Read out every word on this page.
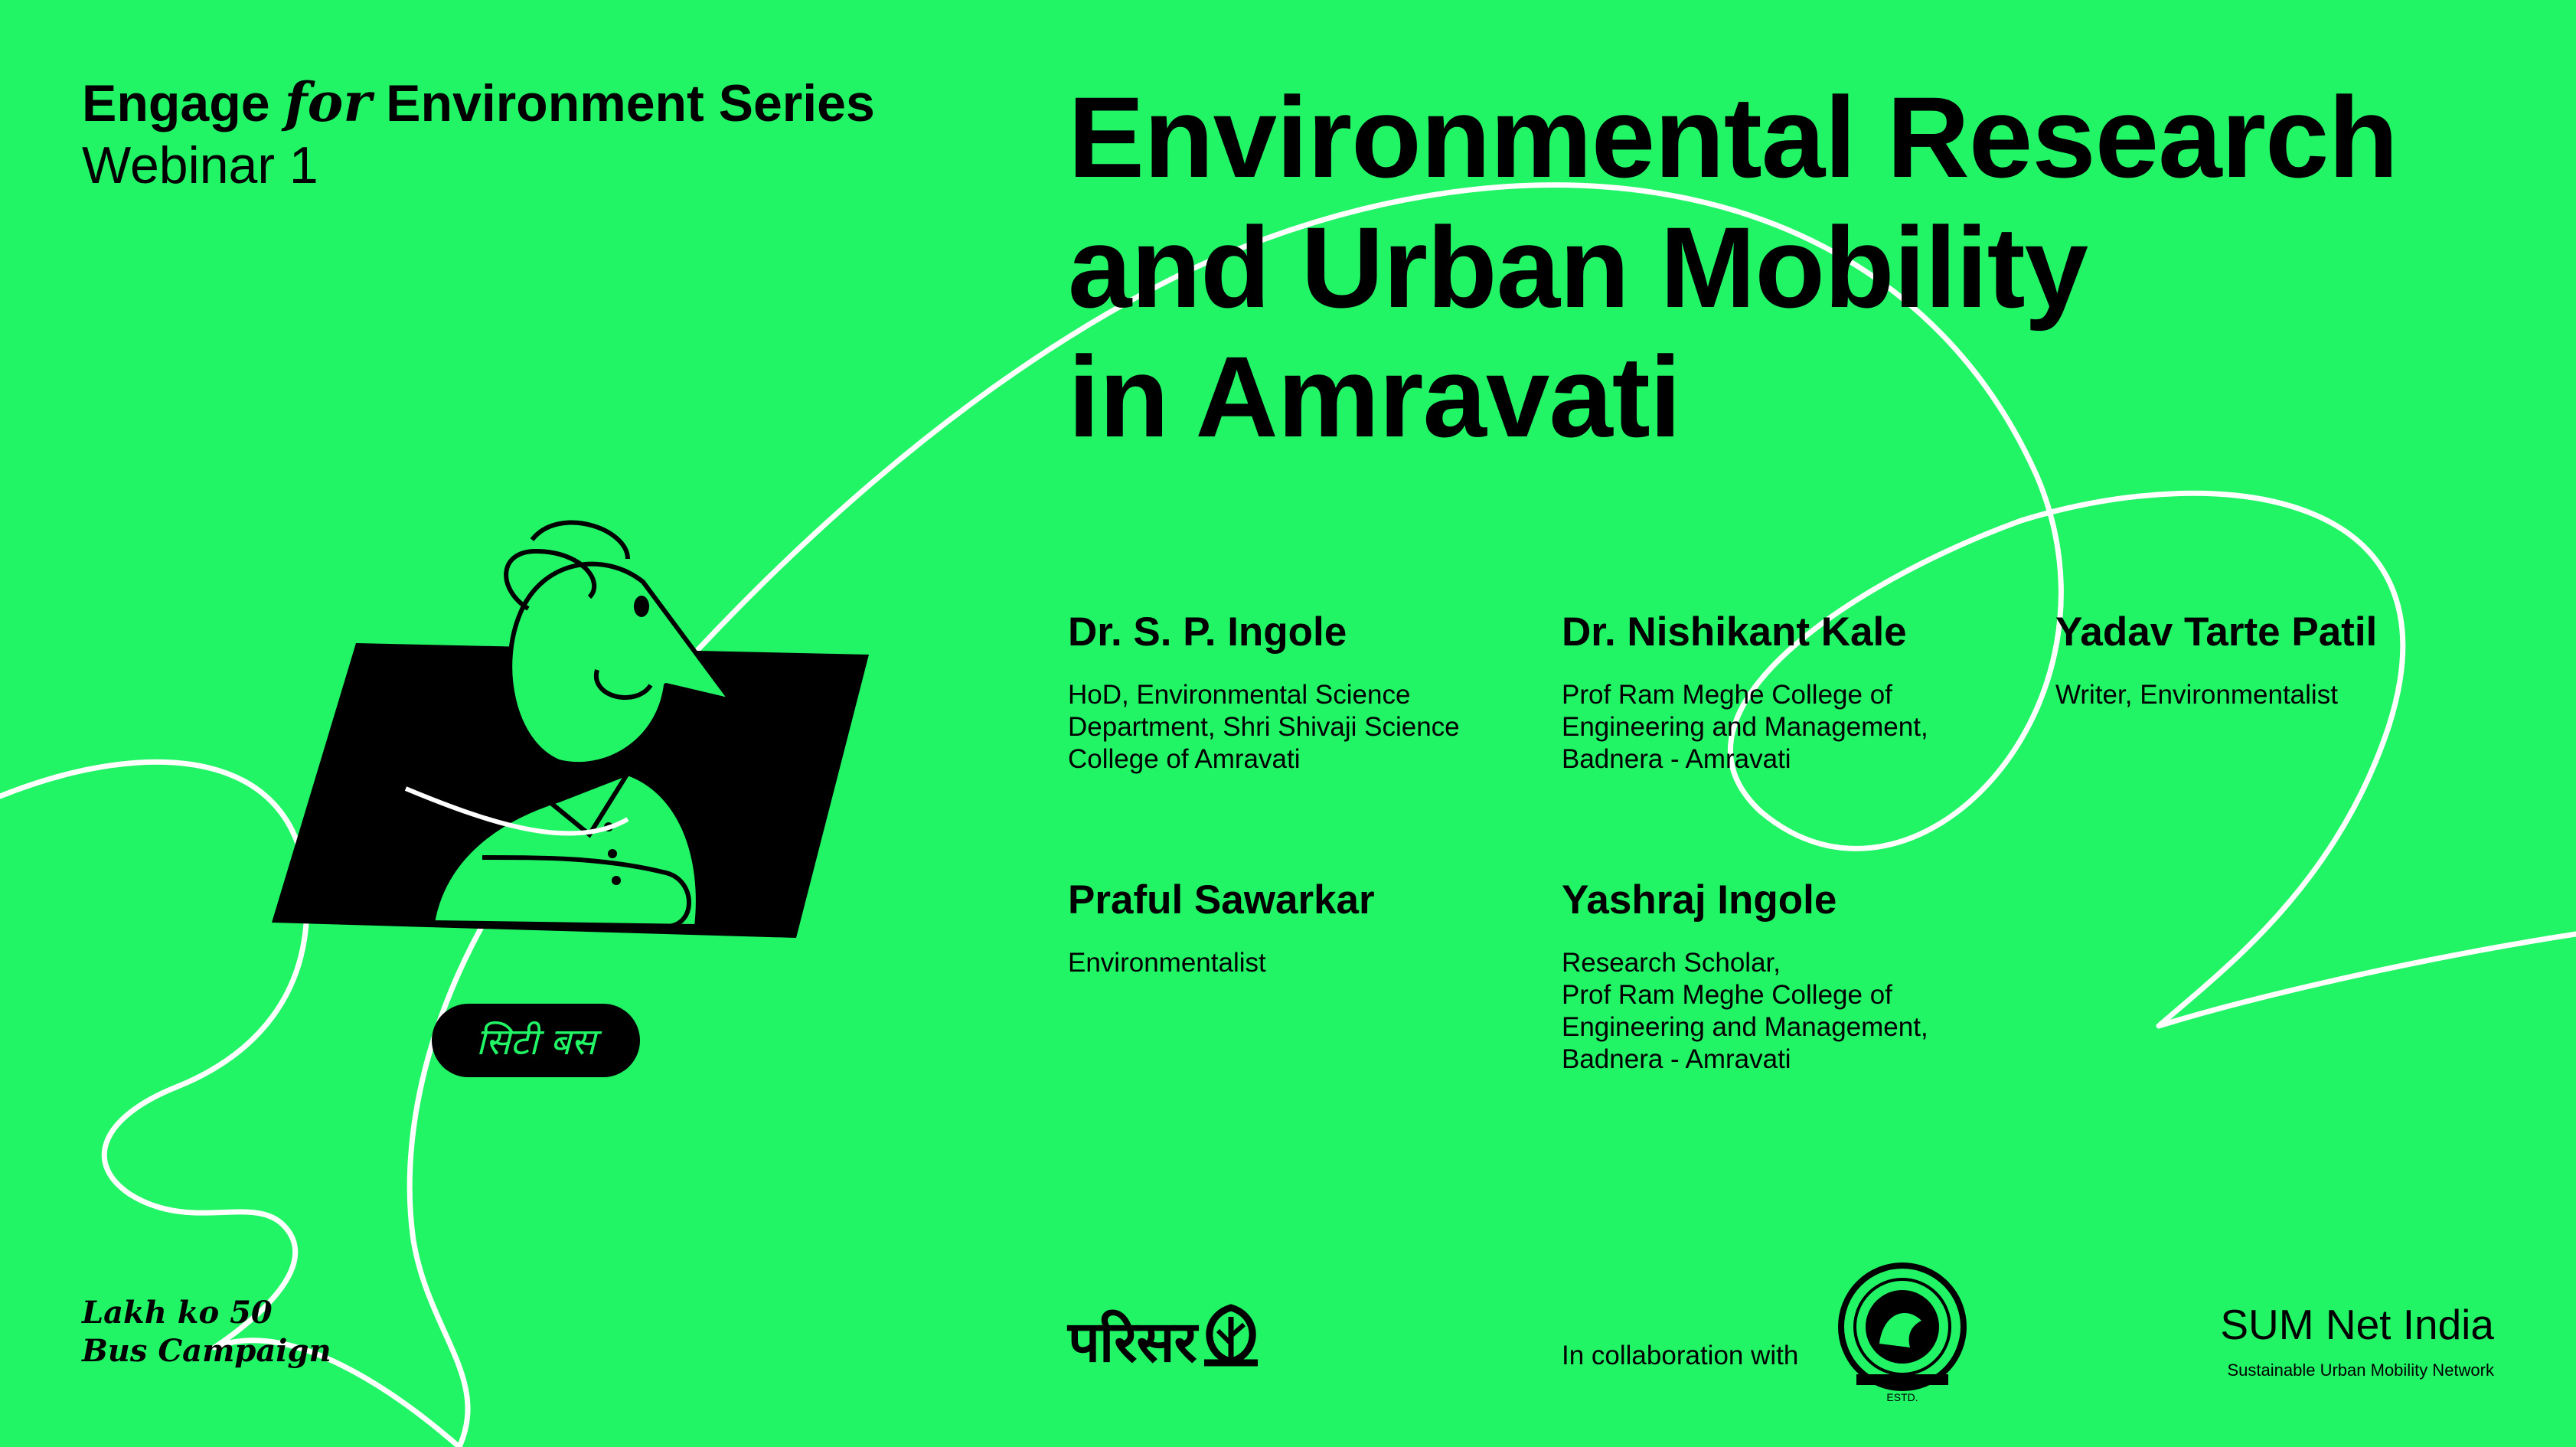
Engage for Environment Series
Webinar 1	Environmental Research
and Urban Mobility
in Amravati
Dr. S. P. Ingole
HoD, Environmental Science
Department, Shri Shivaji Science
College of Amravati
Dr. Nishikant Kale
Prof Ram Meghe College of
Engineering and Management,
Badnera - Amravati
Yadav Tarte Patil
Writer, Environmentalist
Praful Sawarkar
Environmentalist
Yashraj Ingole
Research Scholar,
Prof Ram Meghe College of
Engineering and Management,
Badnera - Amravati
सिटी बस
Lakh ko 50
Bus Campaign	परिसर	In collaboration with
ESTD.
SUM Net India
Sustainable Urban Mobility Network
